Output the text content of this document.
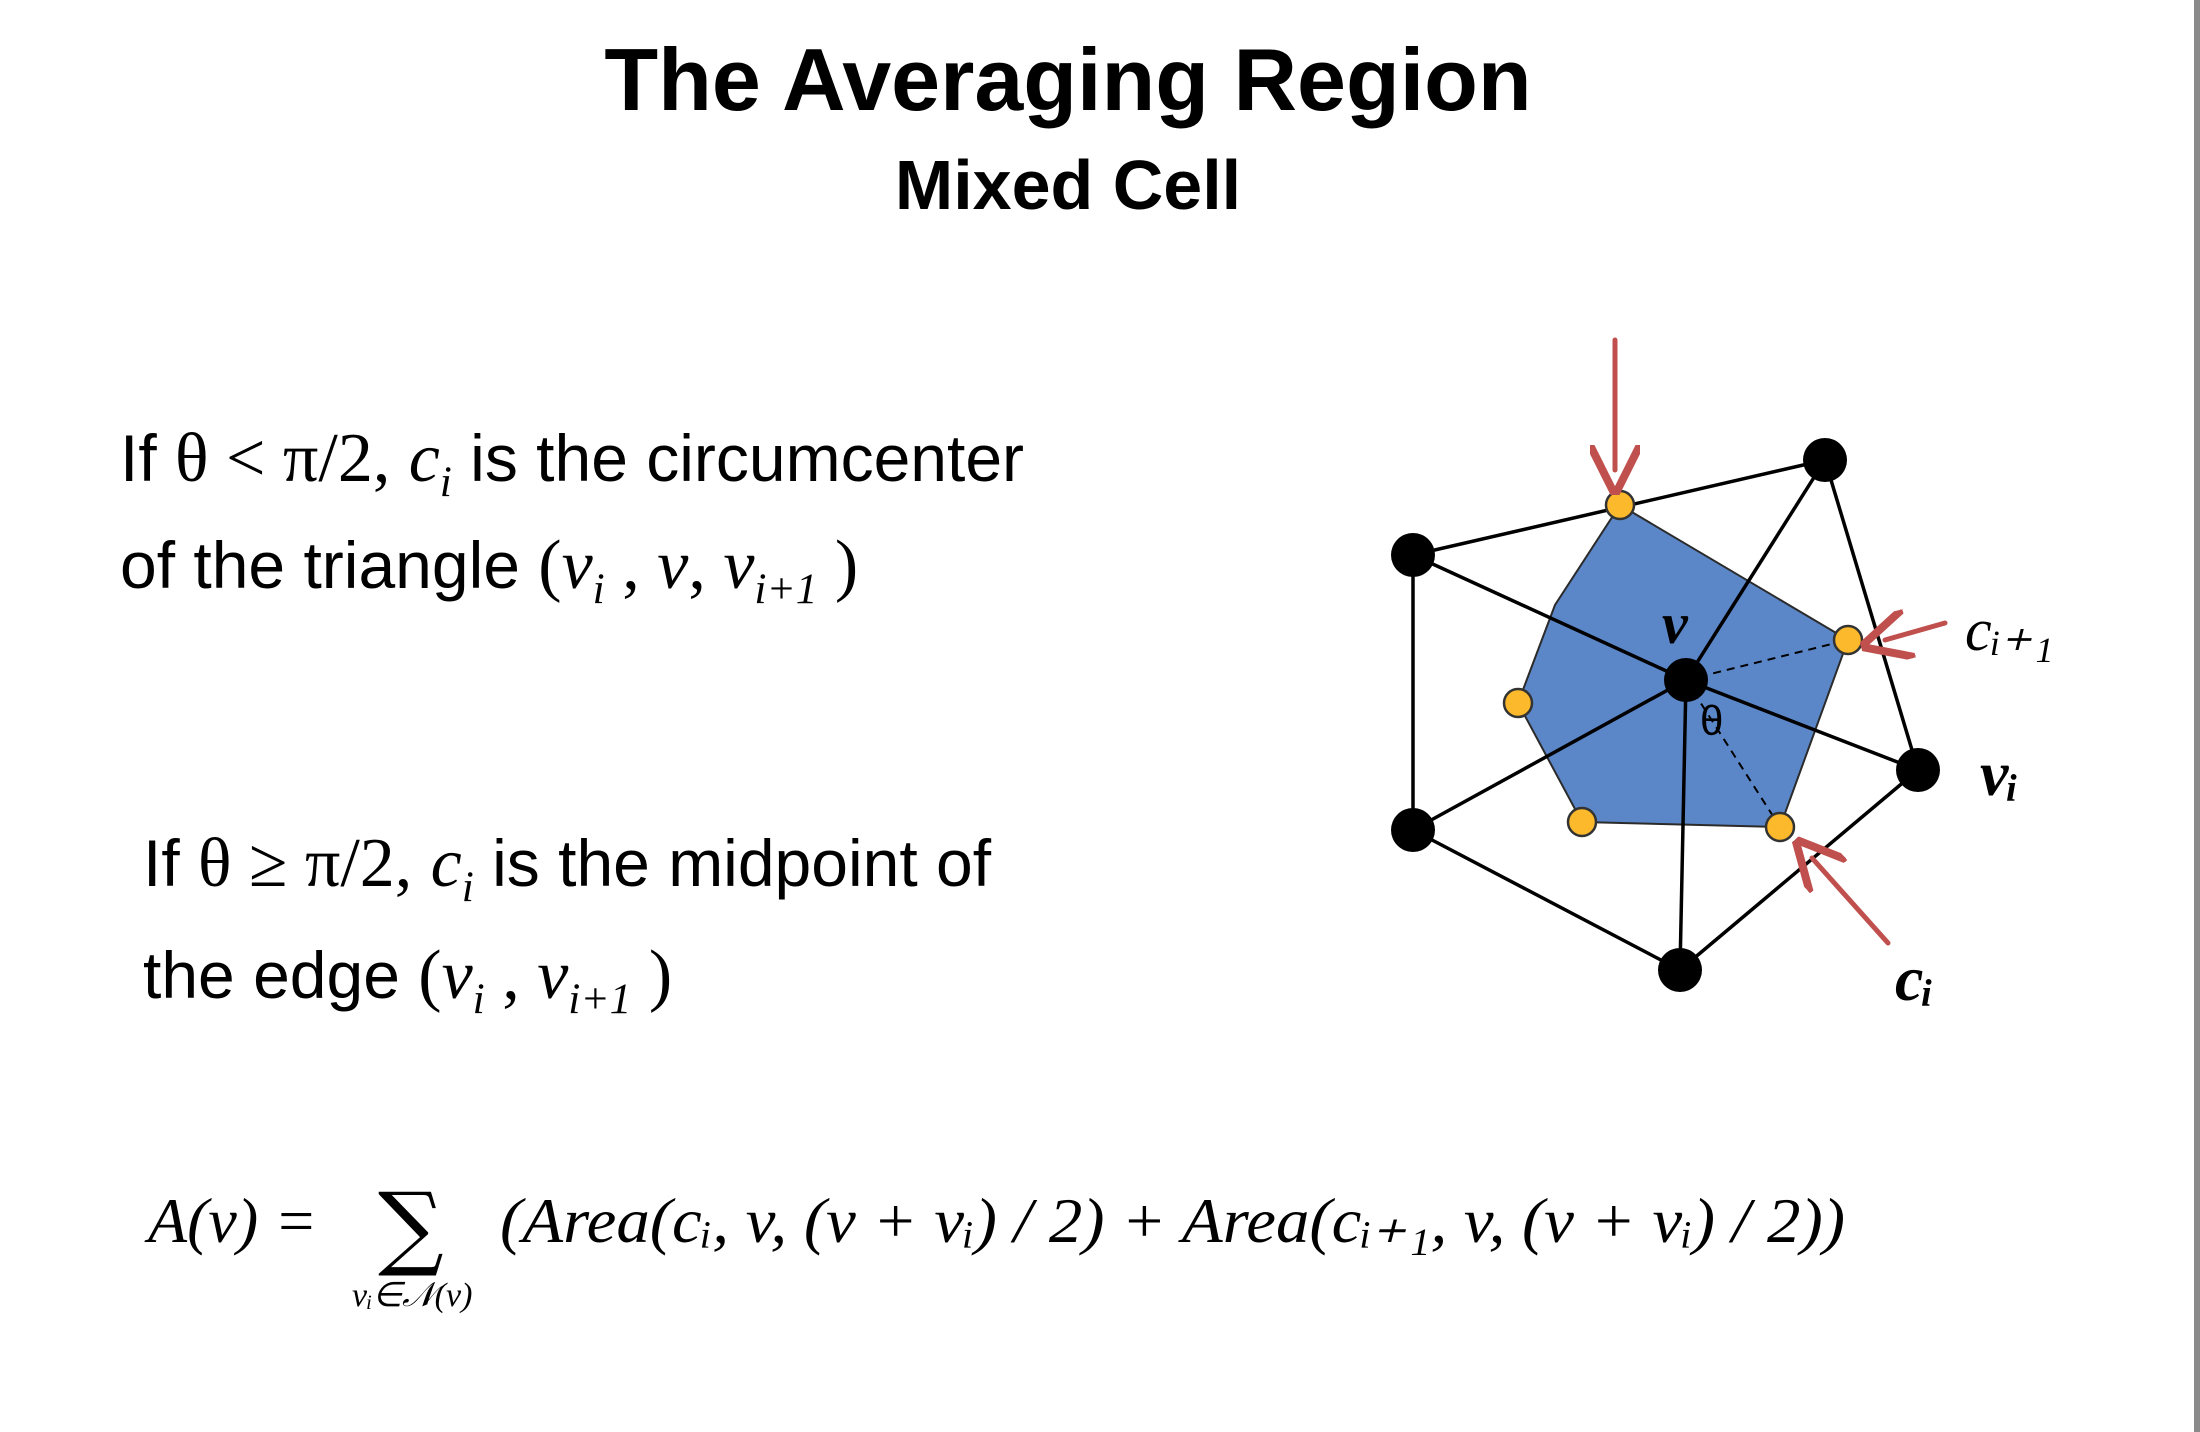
The Averaging Region
Mixed Cell
If θ < π/2, $c_i$ is the circumcenter
of the triangle ($v_i$ , v, $v_{i+1}$ )
If θ ≥ π/2, $c_i$ is the midpoint of
the edge ($v_i$ , $v_{i+1}$ )
A(v) = ∑
vᵢ∈𝒩(v)
(Area(cᵢ, v, (v + vᵢ) / 2) + Area(cᵢ₊₁, v, (v + vᵢ) / 2))
v
θ
cᵢ₊₁
vᵢ
cᵢ
